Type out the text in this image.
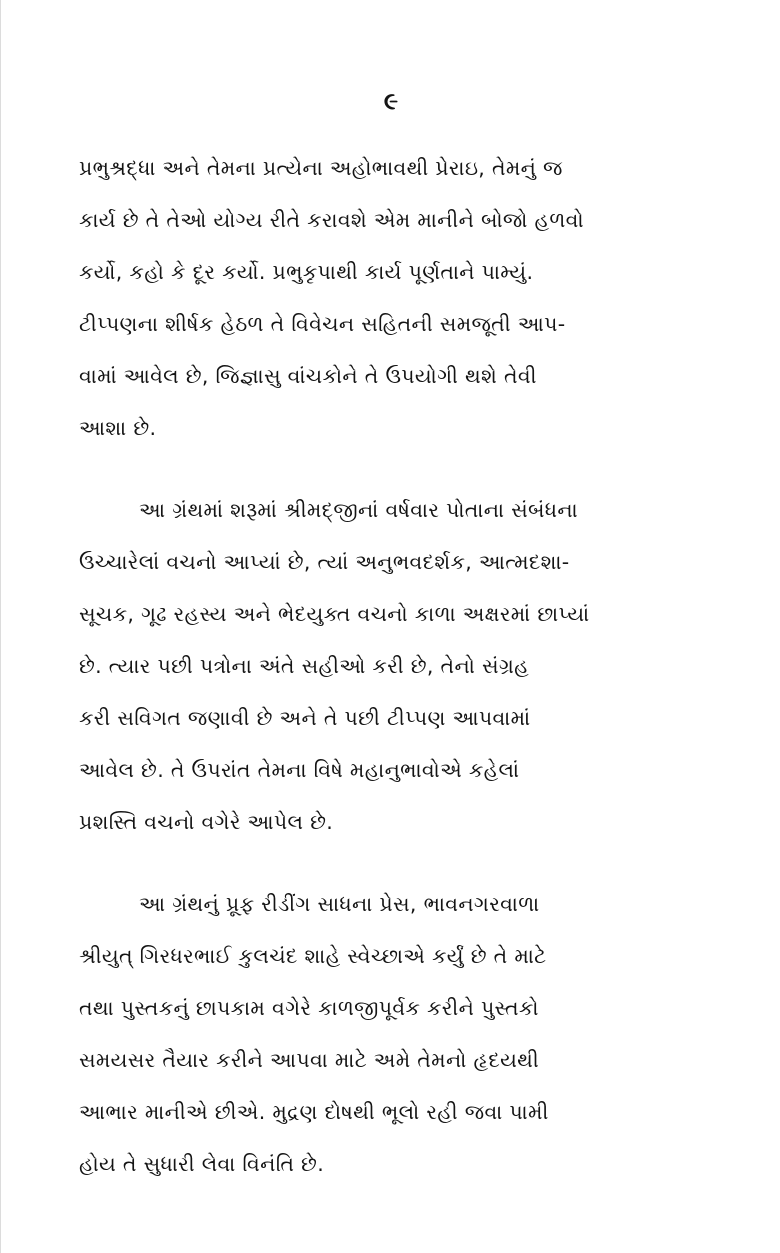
૯
પ્રભુશ્રદ્ધા અને તેમના પ્રત્યેના અહોભાવથી પ્રેરાઇ, તેમનું જ
કાર્ય છે તે તેઓ યોગ્ય રીતે કરાવશે એમ માનીને બોજો હળવો
કર્યો, કહો કે દૂર કર્યો. પ્રભુકૃપાથી કાર્ય પૂર્ણતાને પામ્યું.
ટીપ્પણના શીર્ષક હેઠળ તે વિવેચન સહિતની સમજૂતી આપ-
વામાં આવેલ છે, જિજ્ઞાસુ વાંચકોને તે ઉપયોગી થશે તેવી
આશા છે.
આ ગ્રંથમાં શરૂમાં શ્રીમદ્જીનાં વર્ષવાર પોતાના સંબંધના
ઉચ્ચારેલાં વચનો આપ્યાં છે, ત્યાં અનુભવદર્શક, આત્મદશા-
સૂચક, ગૂઢ રહસ્ય અને ભેદયુક્ત વચનો કાળા અક્ષરમાં છાપ્યાં
છે. ત્યાર પછી પત્રોના અંતે સહીઓ કરી છે, તેનો સંગ્રહ
કરી સવિગત જણાવી છે અને તે પછી ટીપ્પણ આપવામાં
આવેલ છે. તે ઉપરાંત તેમના વિષે મહાનુભાવોએ કહેલાં
પ્રશસ્તિ વચનો વગેરે આપેલ છે.
આ ગ્રંથનું પ્રૂફ રીડીંગ સાધના પ્રેસ, ભાવનગરવાળા
શ્રીયુત્ ગિરધરભાઈ કુલચંદ શાહે સ્વેચ્છાએ કર્યું છે તે માટે
તથા પુસ્તકનું છાપકામ વગેરે કાળજીપૂર્વક કરીને પુસ્તકો
સમયસર તૈયાર કરીને આપવા માટે અમે તેમનો હૃદયથી
આભાર માનીએ છીએ. મુદ્રણ દોષથી ભૂલો રહી જવા પામી
હોય તે સુધારી લેવા વિનંતિ છે.
